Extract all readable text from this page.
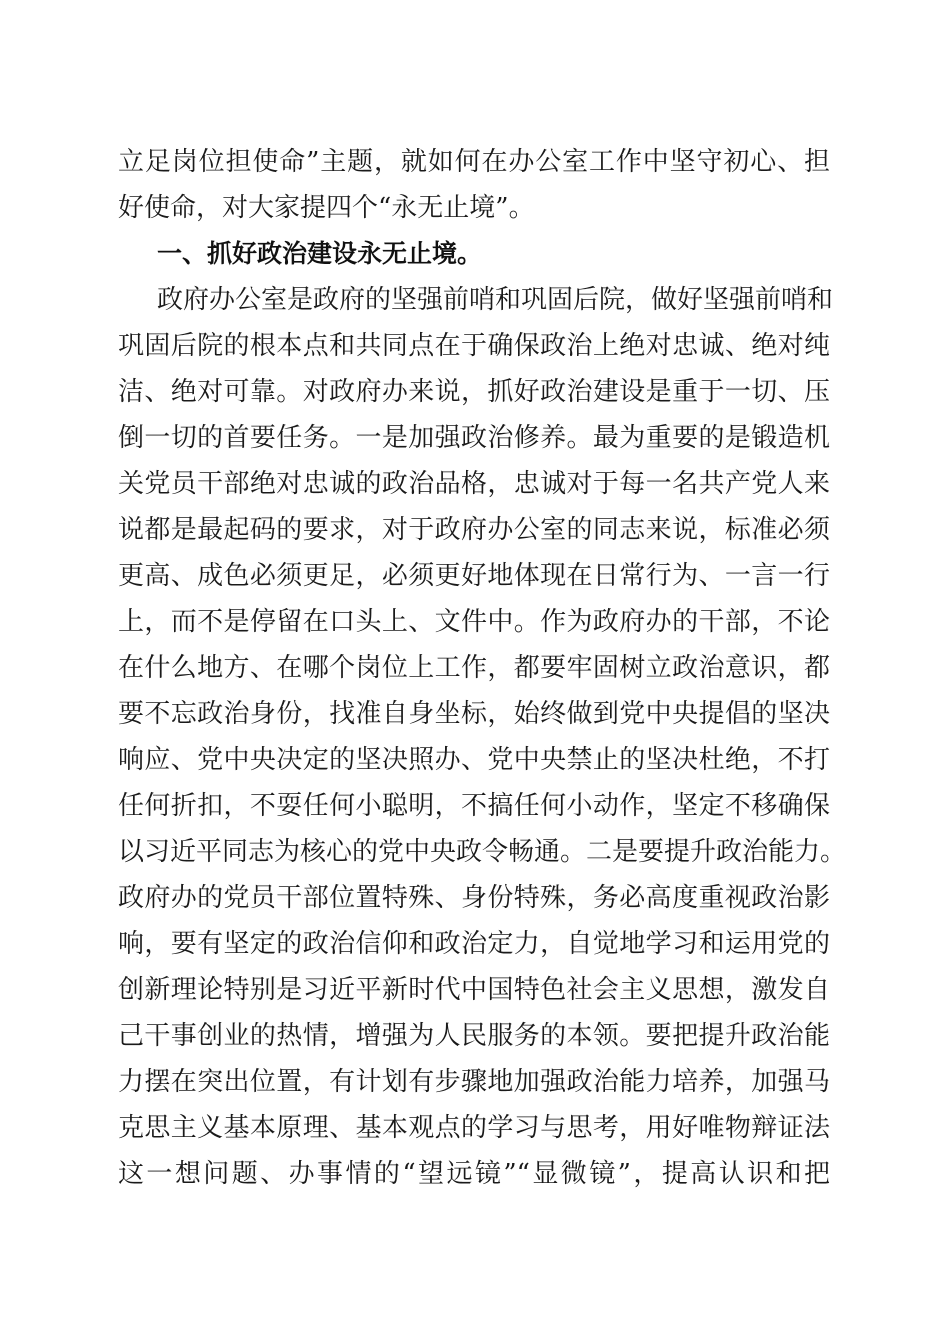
立足岗位担使命”主题，就如何在办公室工作中坚守初心、担
好使命，对大家提四个“永无止境”。
一、抓好政治建设永无止境。
政府办公室是政府的坚强前哨和巩固后院，做好坚强前哨和
巩固后院的根本点和共同点在于确保政治上绝对忠诚、绝对纯
洁、绝对可靠。对政府办来说，抓好政治建设是重于一切、压
倒一切的首要任务。一是加强政治修养。最为重要的是锻造机
关党员干部绝对忠诚的政治品格，忠诚对于每一名共产党人来
说都是最起码的要求，对于政府办公室的同志来说，标准必须
更高、成色必须更足，必须更好地体现在日常行为、一言一行
上，而不是停留在口头上、文件中。作为政府办的干部，不论
在什么地方、在哪个岗位上工作，都要牢固树立政治意识，都
要不忘政治身份，找准自身坐标，始终做到党中央提倡的坚决
响应、党中央决定的坚决照办、党中央禁止的坚决杜绝，不打
任何折扣，不耍任何小聪明，不搞任何小动作，坚定不移确保
以习近平同志为核心的党中央政令畅通。二是要提升政治能力。
政府办的党员干部位置特殊、身份特殊，务必高度重视政治影
响，要有坚定的政治信仰和政治定力，自觉地学习和运用党的
创新理论特别是习近平新时代中国特色社会主义思想，激发自
己干事创业的热情，增强为人民服务的本领。要把提升政治能
力摆在突出位置，有计划有步骤地加强政治能力培养，加强马
克思主义基本原理、基本观点的学习与思考，用好唯物辩证法
这一想问题、办事情的“望远镜”“显微镜”，提高认识和把
